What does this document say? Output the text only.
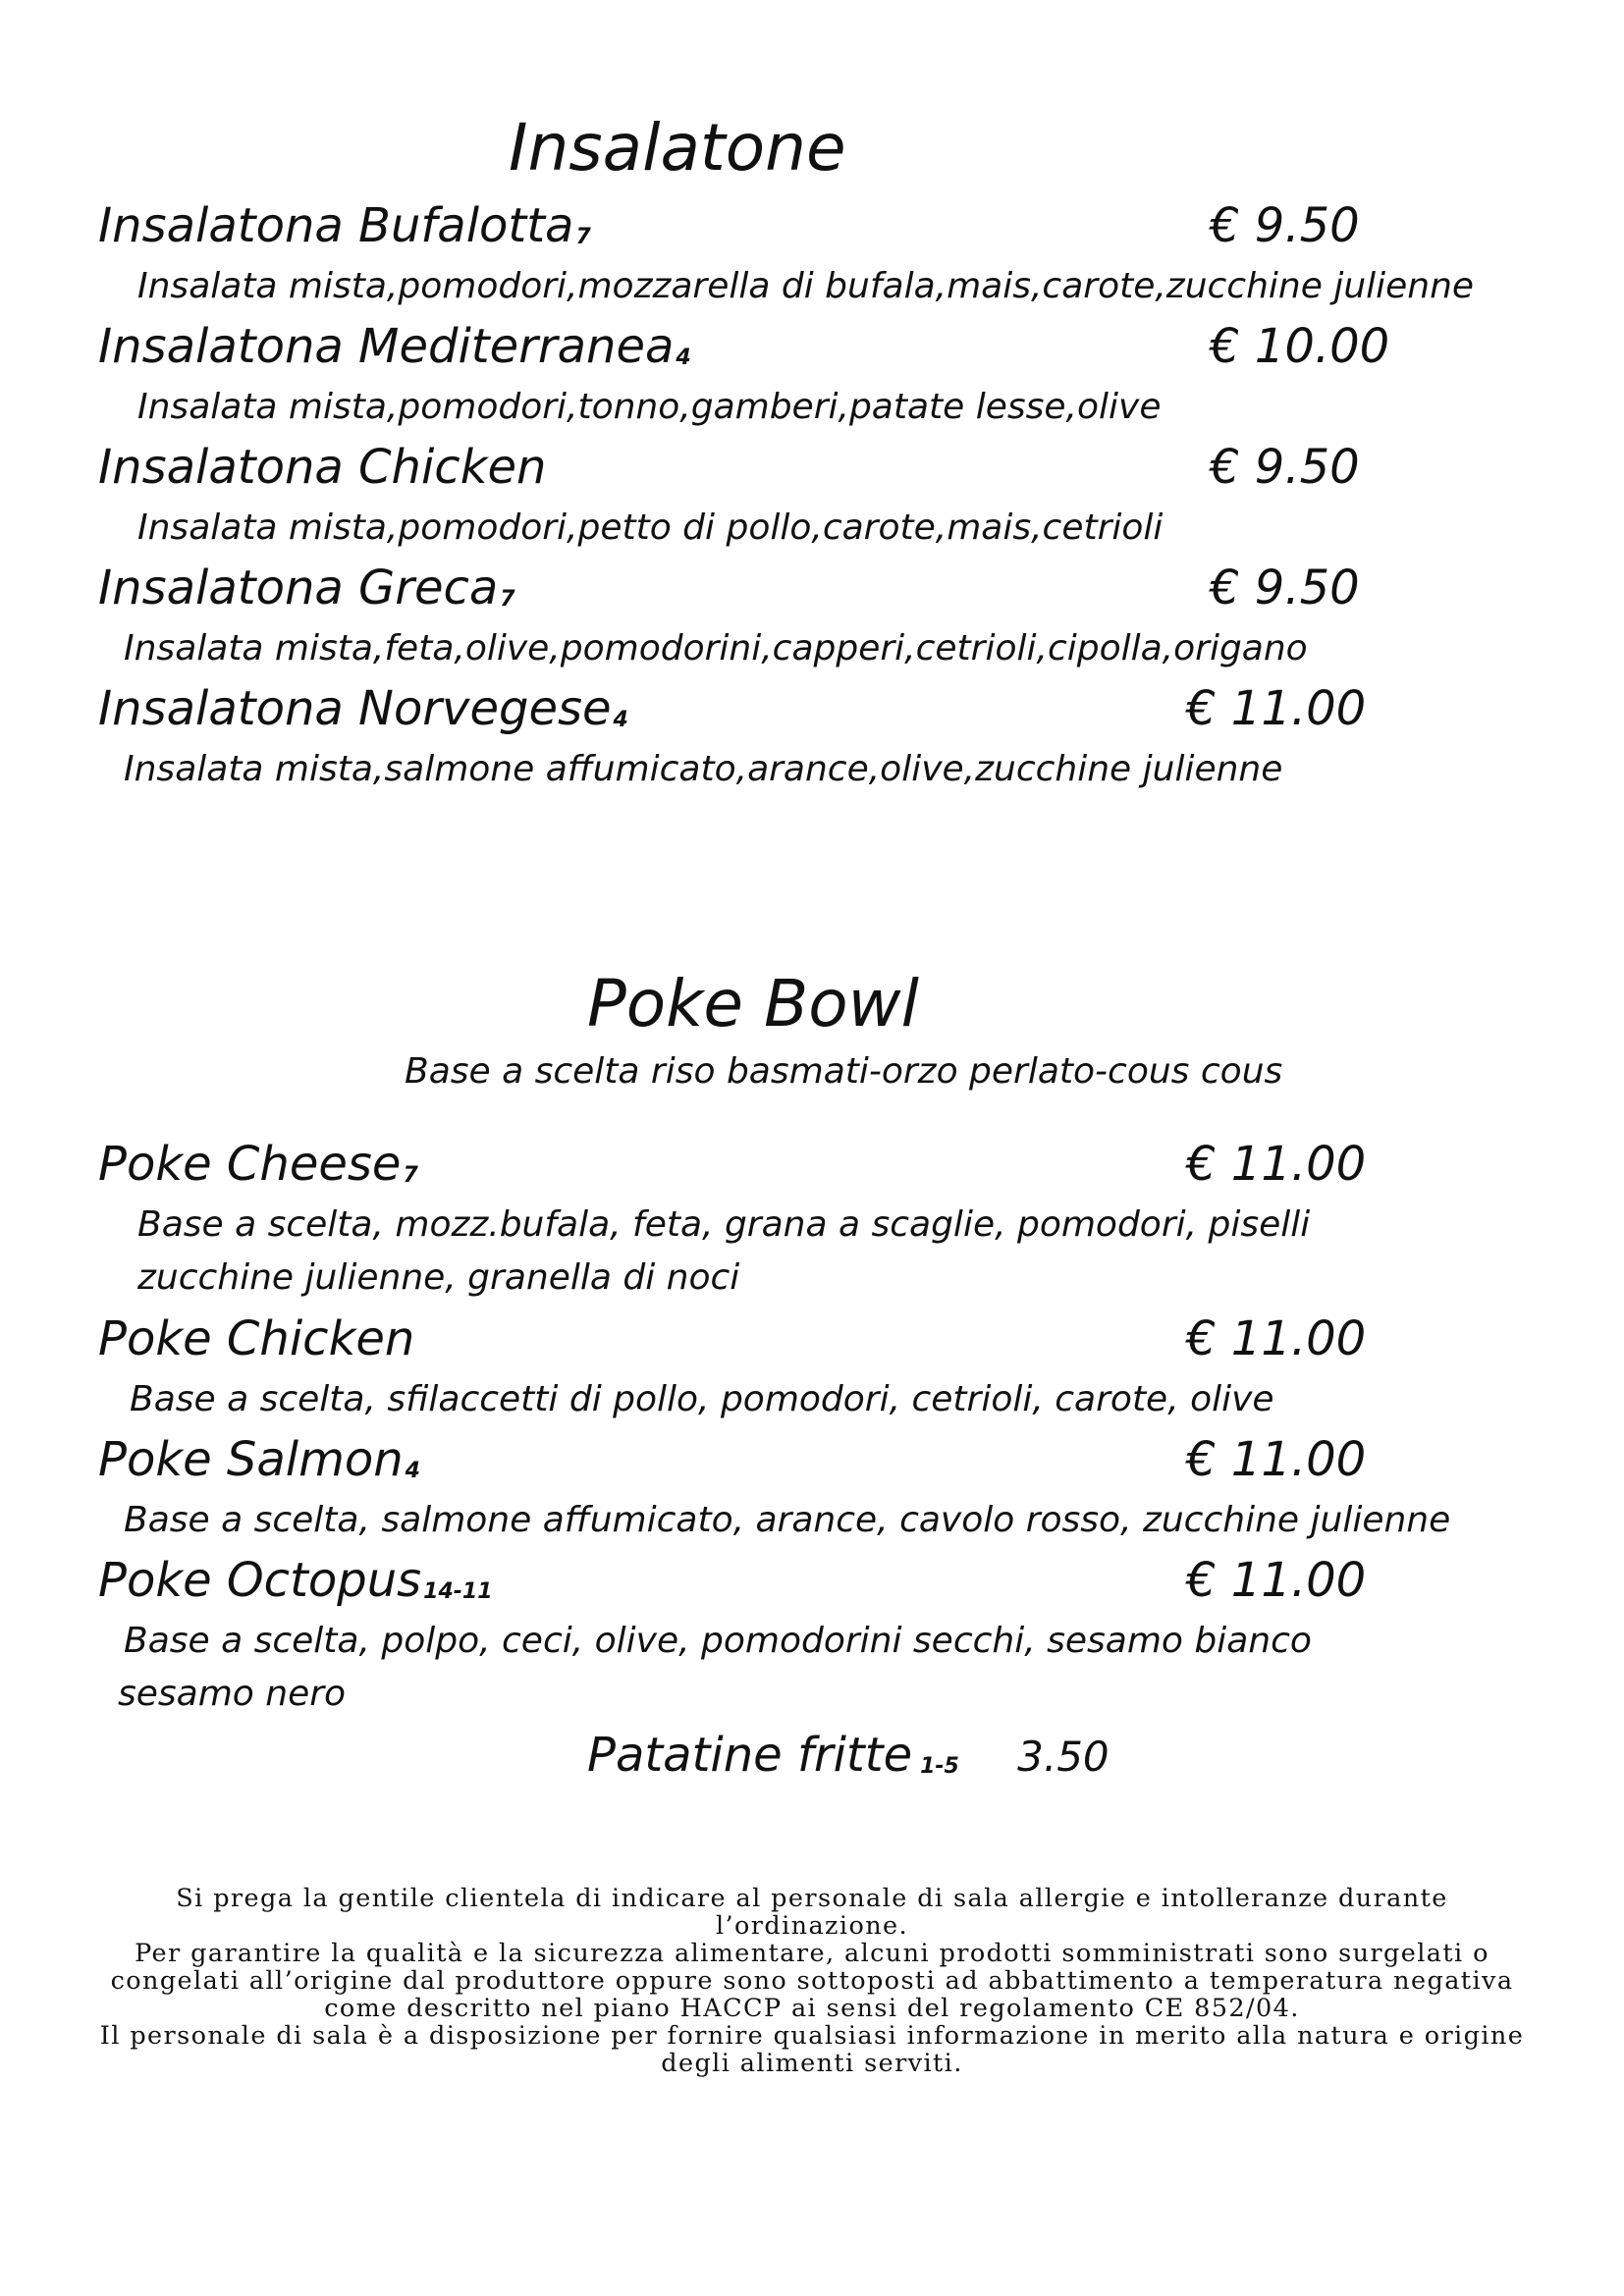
Insalatone
Insalatona Bufalotta$_7$	€ 9.50
Insalata mista,pomodori,mozzarella di bufala,mais,carote,zucchine julienne
Insalatona Mediterranea$_4$	€ 10.00
Insalata mista,pomodori,tonno,gamberi,patate lesse,olive
Insalatona Chicken	€ 9.50
Insalata mista,pomodori,petto di pollo,carote,mais,cetrioli
Insalatona Greca$_7$	€ 9.50
Insalata mista,feta,olive,pomodorini,capperi,cetrioli,cipolla,origano
Insalatona Norvegese$_4$	€ 11.00
Insalata mista,salmone affumicato,arance,olive,zucchine julienne
Poke Bowl
Base a scelta riso basmati-orzo perlato-cous cous
Poke Cheese$_7$	€ 11.00
Base a scelta, mozz.bufala, feta, grana a scaglie, pomodori, piselli
zucchine julienne, granella di noci
Poke Chicken	€ 11.00
Base a scelta, sfilaccetti di pollo, pomodori, cetrioli, carote, olive
Poke Salmon$_4$	€ 11.00
Base a scelta, salmone affumicato, arance, cavolo rosso, zucchine julienne
Poke Octopus$_{14-11}$	€ 11.00
Base a scelta, polpo, ceci, olive, pomodorini secchi, sesamo bianco
sesamo nero
Patatine fritte $_{1-5}$ 3.50
Si prega la gentile clientela di indicare al personale di sala allergie e intolleranze durante
l’ordinazione.
Per garantire la qualità e la sicurezza alimentare, alcuni prodotti somministrati sono surgelati o
congelati all’origine dal produttore oppure sono sottoposti ad abbattimento a temperatura negativa
come descritto nel piano HACCP ai sensi del regolamento CE 852/04.
Il personale di sala è a disposizione per fornire qualsiasi informazione in merito alla natura e origine
degli alimenti serviti.
